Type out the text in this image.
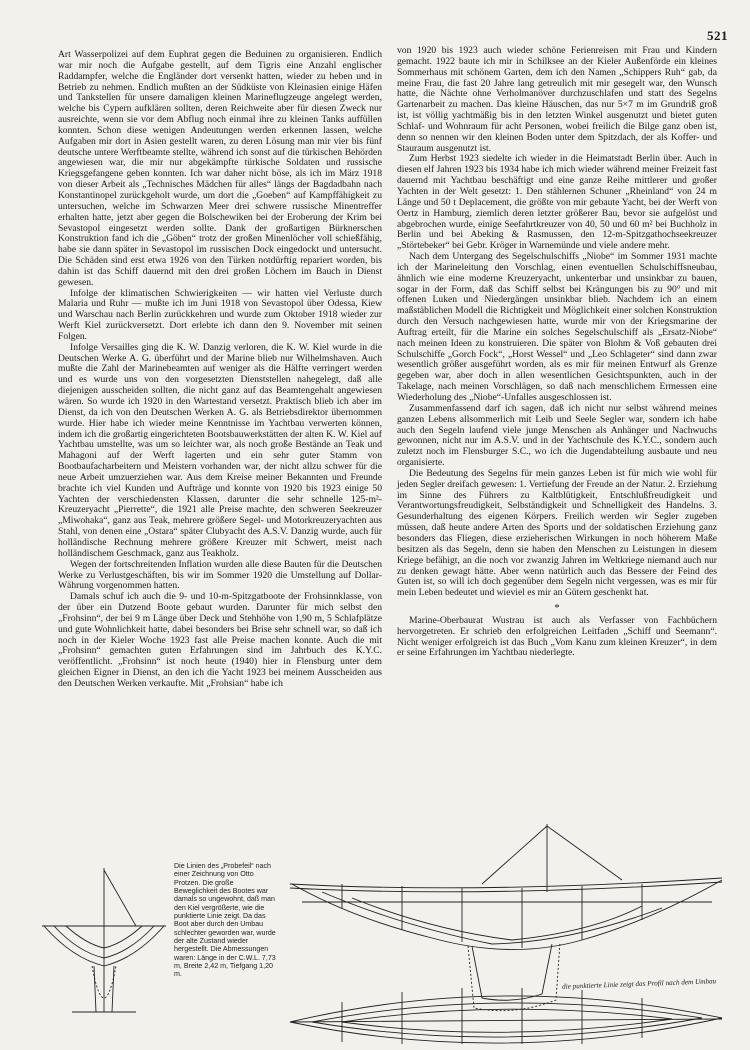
521

Art Wasserpolizei auf dem Euphrat gegen die Beduinen zu organisieren. Endlich war mir noch die Aufgabe gestellt, auf dem Tigris eine Anzahl englischer Raddampfer, welche die Engländer dort versenkt hatten, wieder zu heben und in Betrieb zu nehmen. Endlich mußten an der Südküste von Kleinasien einige Häfen und Tankstellen für unsere damaligen kleinen Marineflugzeuge angelegt werden, welche bis Cypern aufklären sollten, deren Reichweite aber für diesen Zweck nur ausreichte, wenn sie vor dem Abflug noch einmal ihre zu kleinen Tanks auffüllen konnten. Schon diese wenigen Andeutungen werden erkennen lassen, welche Aufgaben mir dort in Asien gestellt waren, zu deren Lösung man mir vier bis fünf deutsche untere Werftbeamte stellte, während ich sonst auf die türkischen Behörden angewiesen war, die mir nur abgekämpfte türkische Soldaten und russische Kriegsgefangene geben konnten. Ich war daher nicht böse, als ich im März 1918 von dieser Arbeit als „Technisches Mädchen für alles“ längs der Bagdadbahn nach Konstantinopel zurückgeholt wurde, um dort die „Goeben“ auf Kampffähigkeit zu untersuchen, welche im Schwarzen Meer drei schwere russische Minentreffer erhalten hatte, jetzt aber gegen die Bolschewiken bei der Eroberung der Krim bei Sevastopol eingesetzt werden sollte. Dank der großartigen Bürknerschen Konstruktion fand ich die „Göben“ trotz der großen Minenlöcher voll schießfähig, habe sie dann später in Sevastopol im russischen Dock eingedockt und untersucht. Die Schäden sind erst etwa 1926 von den Türken notdürftig repariert worden, bis dahin ist das Schiff dauernd mit den drei großen Löchern im Bauch in Dienst gewesen.

Infolge der klimatischen Schwierigkeiten — wir hatten viel Verluste durch Malaria und Ruhr — mußte ich im Juni 1918 von Sevastopol über Odessa, Kiew und Warschau nach Berlin zurückkehren und wurde zum Oktober 1918 wieder zur Werft Kiel zurückversetzt. Dort erlebte ich dann den 9. November mit seinen Folgen.

Infolge Versailles ging die K. W. Danzig verloren, die K. W. Kiel wurde in die Deutschen Werke A. G. überführt und der Marine blieb nur Wilhelmshaven. Auch mußte die Zahl der Marinebeamten auf weniger als die Hälfte verringert werden und es wurde uns von den vorgesetzten Dienststellen nahegelegt, daß alle diejenigen ausscheiden sollten, die nicht ganz auf das Beamtengehalt angewiesen wären. So wurde ich 1920 in den Wartestand versetzt. Praktisch blieb ich aber im Dienst, da ich von den Deutschen Werken A. G. als Betriebsdirektor übernommen wurde. Hier habe ich wieder meine Kenntnisse im Yachtbau verwerten können, indem ich die großartig eingerichteten Bootsbauwerkstätten der alten K. W. Kiel auf Yachtbau umstellte, was um so leichter war, als noch große Bestände an Teak und Mahagoni auf der Werft lagerten und ein sehr guter Stamm von Bootbaufacharbeitern und Meistern vorhanden war, der nicht allzu schwer für die neue Arbeit umzuerziehen war. Aus dem Kreise meiner Bekannten und Freunde brachte ich viel Kunden und Aufträge und konnte von 1920 bis 1923 einige 50 Yachten der verschiedensten Klassen, darunter die sehr schnelle 125-m²-Kreuzeryacht „Pierrette“, die 1921 alle Preise machte, den schweren Seekreuzer „Miwohaka“, ganz aus Teak, mehrere größere Segel- und Motorkreuzeryachten aus Stahl, von denen eine „Ostara“ später Clubyacht des A.S.V. Danzig wurde, auch für holländische Rechnung mehrere größere Kreuzer mit Schwert, meist nach holländischem Geschmack, ganz aus Teakholz.

Wegen der fortschreitenden Inflation wurden alle diese Bauten für die Deutschen Werke zu Verlustgeschäften, bis wir im Sommer 1920 die Umstellung auf Dollar-Währung vorgenommen hatten.

Damals schuf ich auch die 9- und 10-m-Spitzgatboote der Frohsinnklasse, von der über ein Dutzend Boote gebaut wurden. Darunter für mich selbst den „Frohsinn“, der bei 9 m Länge über Deck und Stehhöhe von 1,90 m, 5 Schlafplätze und gute Wohnlichkeit hatte, dabei besonders bei Brise sehr schnell war, so daß ich noch in der Kieler Woche 1923 fast alle Preise machen konnte. Auch die mit „Frohsinn“ gemachten guten Erfahrungen sind im Jahrbuch des K.Y.C. veröffentlicht. „Frohsinn“ ist noch heute (1940) hier in Flensburg unter dem gleichen Eigner in Dienst, an den ich die Yacht 1923 bei meinem Ausscheiden aus den Deutschen Werken verkaufte. Mit „Frohsian“ habe ich

von 1920 bis 1923 auch wieder schöne Ferienreisen mit Frau und Kindern gemacht. 1922 baute ich mir in Schilksee an der Kieler Außenförde ein kleines Sommerhaus mit schönem Garten, dem ich den Namen „Schippers Ruh“ gab, da meine Frau, die fast 20 Jahre lang getreulich mit mir gesegelt war, den Wunsch hatte, die Nächte ohne Verholmanöver durchzuschlafen und statt des Segelns Gartenarbeit zu machen. Das kleine Häuschen, das nur 5×7 m im Grundriß groß ist, ist völlig yachtmäßig bis in den letzten Winkel ausgenutzt und bietet guten Schlaf- und Wohnraum für acht Personen, wobei freilich die Bilge ganz oben ist, denn so nennen wir den kleinen Boden unter dem Spitzdach, der als Koffer- und Stauraum ausgenutzt ist.

Zum Herbst 1923 siedelte ich wieder in die Heimatstadt Berlin über. Auch in diesen elf Jahren 1923 bis 1934 habe ich mich wieder während meiner Freizeit fast dauernd mit Yachtbau beschäftigt und eine ganze Reihe mittlerer und großer Yachten in der Welt gesetzt: 1. Den stählernen Schuner „Rheinland“ von 24 m Länge und 50 t Deplacement, die größte von mir gebaute Yacht, bei der Werft von Oertz in Hamburg, ziemlich deren letzter größerer Bau, bevor sie aufgelöst und abgebrochen wurde, einige Seefahrtkreuzer von 40, 50 und 60 m² bei Buchholz in Berlin und bei Abeking & Rasmussen, den 12-m-Spitzgathochseekreuzer „Störtebeker“ bei Gebr. Kröger in Warnemünde und viele andere mehr.

Nach dem Untergang des Segelschulschiffs „Niobe“ im Sommer 1931 machte ich der Marineleitung den Vorschlag, einen eventuellen Schulschiffsneubau, ähnlich wie eine moderne Kreuzeryacht, unkenterbar und unsinkbar zu bauen, sogar in der Form, daß das Schiff selbst bei Krängungen bis zu 90° und mit offenen Luken und Niedergängen unsinkbar blieb. Nachdem ich an einem maßstäblichen Modell die Richtigkeit und Möglichkeit einer solchen Konstruktion durch den Versuch nachgewiesen hatte, wurde mir von der Kriegsmarine der Auftrag erteilt, für die Marine ein solches Segelschulschiff als „Ersatz-Niobe“ nach meinen Ideen zu konstruieren. Die später von Blohm & Voß gebauten drei Schulschiffe „Gorch Fock“, „Horst Wessel“ und „Leo Schlageter“ sind dann zwar wesentlich größer ausgeführt worden, als es mir für meinen Entwurf als Grenze gegeben war, aber doch in allen wesentlichen Gesichtspunkten, auch in der Takelage, nach meinen Vorschlägen, so daß nach menschlichem Ermessen eine Wiederholung des „Niobe“-Unfalles ausgeschlossen ist.

Zusammenfassend darf ich sagen, daß ich nicht nur selbst während meines ganzen Lebens allsommerlich mit Leib und Seele Segler war, sondern ich habe auch den Segeln laufend viele junge Menschen als Anhänger und Nachwuchs gewonnen, nicht nur im A.S.V. und in der Yachtschule des K.Y.C., sondern auch zuletzt noch im Flensburger S.C., wo ich die Jugendabteilung ausbaute und neu organisierte.

Die Bedeutung des Segelns für mein ganzes Leben ist für mich wie wohl für jeden Segler dreifach gewesen: 1. Vertiefung der Freude an der Natur. 2. Erziehung im Sinne des Führers zu Kaltblütigkeit, Entschlußfreudigkeit und Verantwortungsfreudigkeit, Selbständigkeit und Schnelligkeit des Handelns. 3. Gesunderhaltung des eigenen Körpers. Freilich werden wir Segler zugeben müssen, daß heute andere Arten des Sports und der soldatischen Erziehung ganz besonders das Fliegen, diese erzieherischen Wirkungen in noch höherem Maße besitzen als das Segeln, denn sie haben den Menschen zu Leistungen in diesem Kriege befähigt, an die noch vor zwanzig Jahren im Weltkriege niemand auch nur zu denken gewagt hätte. Aber wenn natürlich auch das Bessere der Feind des Guten ist, so will ich doch gegenüber dem Segeln nicht vergessen, was es mir für mein Leben bedeutet und wieviel es mir an Gütern geschenkt hat.

*

Marine-Oberbaurat Wustrau ist auch als Verfasser von Fachbüchern hervorgetreten. Er schrieb den erfolgreichen Leitfaden „Schiff und Seemann“. Nicht weniger erfolgreich ist das Buch „Vom Kanu zum kleinen Kreuzer“, in dem er seine Erfahrungen im Yachtbau niederlegte.

Die Linien des „Probefeil“ nach einer Zeichnung von Otto Protzen. Die große Beweglichkeit des Bootes war damals so ungewohnt, daß man den Kiel vergrößerte, wie die punktierte Linie zeigt. Da das Boot aber durch den Umbau schlechter geworden war, wurde der alte Zustand wieder hergestellt. Die Abmessungen waren: Länge in der C.W.L. 7,73 m, Breite 2,42 m, Tiefgang 1,20 m.
die punktierte Linie zeigt das Profil nach dem Umbau
